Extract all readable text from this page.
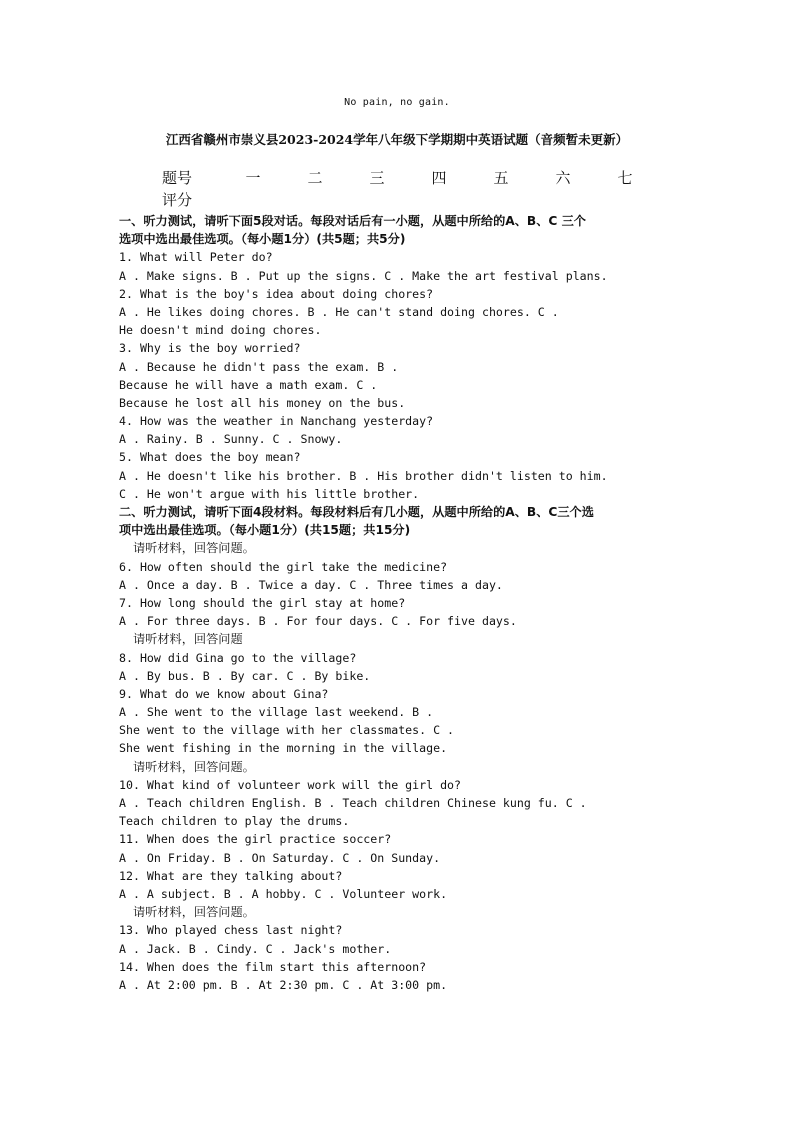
No pain, no gain.
江西省赣州市崇义县2023-2024学年八年级下学期期中英语试题（音频暂未更新）
题号	一	二	三	四	五	六	七
评分
一、听力测试，请听下面5段对话。每段对话后有一小题，从题中所给的A、B、C 三个
选项中选出最佳选项。（每小题1分）(共5题；共5分)
1. What will Peter do?
A . Make signs. B . Put up the signs. C . Make the art festival plans.
2. What is the boy's idea about doing chores?
A . He likes doing chores. B . He can't stand doing chores. C .
He doesn't mind doing chores.
3. Why is the boy worried?
A . Because he didn't pass the exam. B .
Because he will have a math exam. C .
Because he lost all his money on the bus.
4. How was the weather in Nanchang yesterday?
A . Rainy. B . Sunny. C . Snowy.
5. What does the boy mean?
A . He doesn't like his brother. B . His brother didn't listen to him.
C . He won't argue with his little brother.
二、听力测试，请听下面4段材料。每段材料后有几小题，从题中所给的A、B、C三个选
项中选出最佳选项。（每小题1分）(共15题；共15分)
请听材料，回答问题。
6. How often should the girl take the medicine?
A . Once a day. B . Twice a day. C . Three times a day.
7. How long should the girl stay at home?
A . For three days. B . For four days. C . For five days.
请听材料，回答问题
8. How did Gina go to the village?
A . By bus. B . By car. C . By bike.
9. What do we know about Gina?
A . She went to the village last weekend. B .
She went to the village with her classmates. C .
She went fishing in the morning in the village.
请听材料，回答问题。
10. What kind of volunteer work will the girl do?
A . Teach children English. B . Teach children Chinese kung fu. C .
Teach children to play the drums.
11. When does the girl practice soccer?
A . On Friday. B . On Saturday. C . On Sunday.
12. What are they talking about?
A . A subject. B . A hobby. C . Volunteer work.
请听材料，回答问题。
13. Who played chess last night?
A . Jack. B . Cindy. C . Jack's mother.
14. When does the film start this afternoon?
A . At 2:00 pm. B . At 2:30 pm. C . At 3:00 pm.
